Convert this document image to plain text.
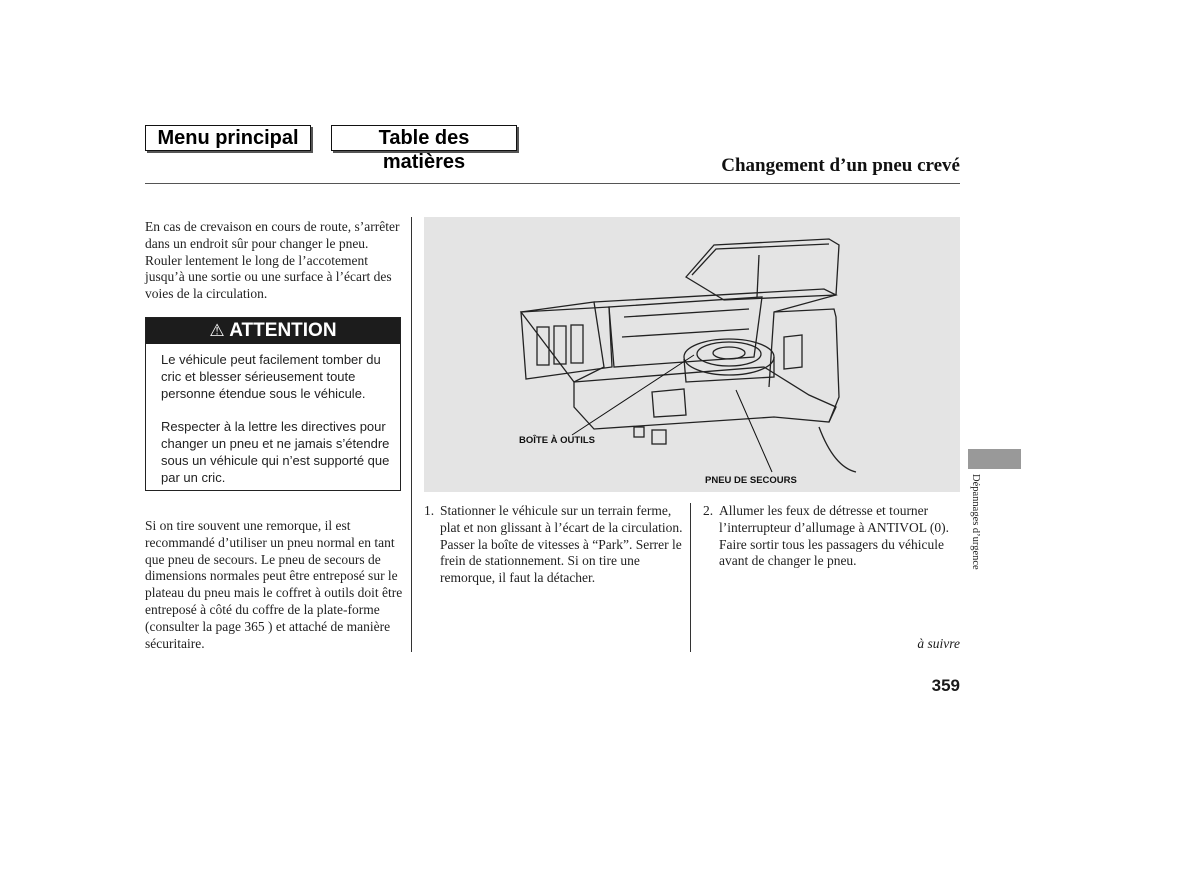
Menu principal	Table des matières	Changement d’un pneu crevé
En cas de crevaison en cours de route, s’arrêter dans un endroit sûr pour changer le pneu. Rouler lentement le long de l’accotement jusqu’à une sortie ou une surface à l’écart des voies de la circulation.
⚠ ATTENTION

Le véhicule peut facilement tomber du cric et blesser sérieusement toute personne étendue sous le véhicule.

Respecter à la lettre les directives pour changer un pneu et ne jamais s’étendre sous un véhicule qui n’est supporté que par un cric.

Si on tire souvent une remorque, il est recommandé d’utiliser un pneu normal en tant que pneu de secours. Le pneu de secours de dimensions normales peut être entreposé sur le plateau du pneu mais le coffret à outils doit être entreposé à côté du coffre de la plate-forme (consulter la page 365 ) et attaché de manière sécuritaire.
BOÎTE À OUTILS
PNEU DE SECOURS
1. Stationner le véhicule sur un terrain ferme, plat et non glissant à l’écart de la circulation. Passer la boîte de vitesses à “Park”. Serrer le frein de stationnement. Si on tire une remorque, il faut la détacher.
2. Allumer les feux de détresse et tourner l’interrupteur d’allumage à ANTIVOL (0). Faire sortir tous les passagers du véhicule avant de changer le pneu.	Dépannages d’urgence
à suivre
359
